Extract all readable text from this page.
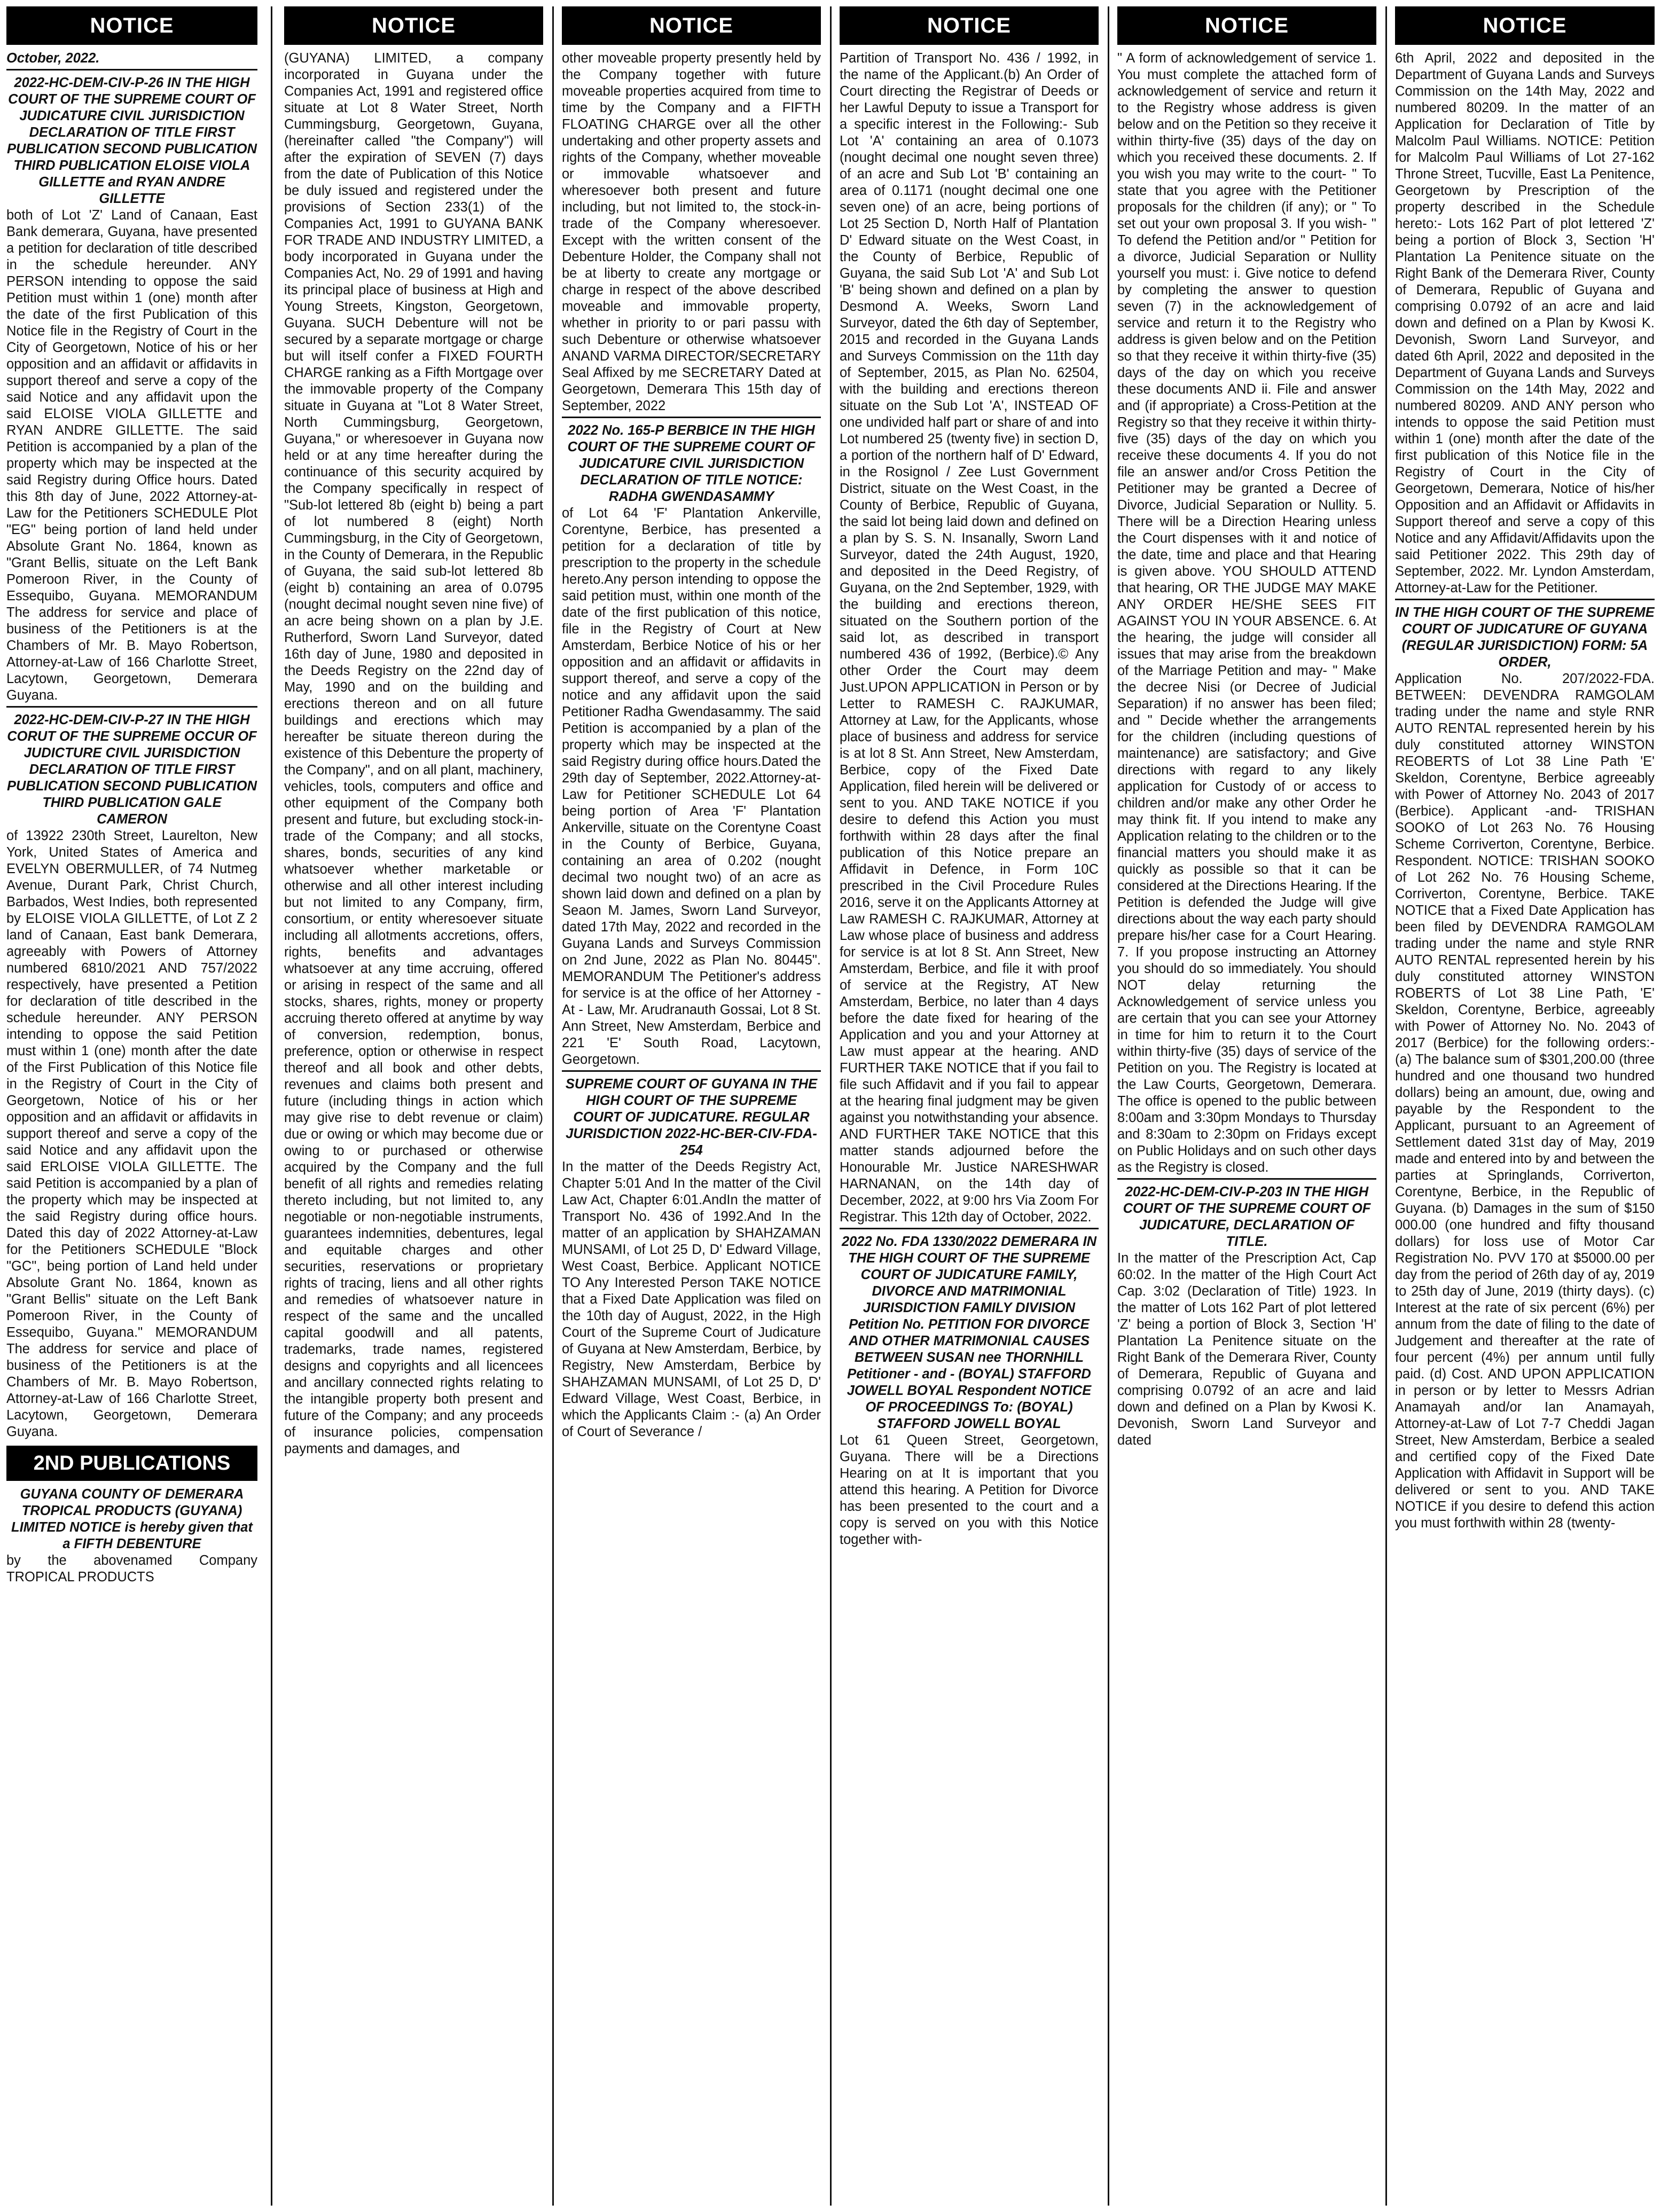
NOTICE

October, 2022.

2022-HC-DEM-CIV-P-26 IN THE HIGH COURT OF THE SUPREME COURT OF JUDICATURE CIVIL JURISDICTION DECLARATION OF TITLE FIRST PUBLICATION SECOND PUBLICATION THIRD PUBLICATION ELOISE VIOLA GILLETTE and RYAN ANDRE GILLETTE

both of Lot 'Z' Land of Canaan, East Bank demerara, Guyana, have presented a petition for declaration of title described in the schedule hereunder. ANY PERSON intending to oppose the said Petition must within 1 (one) month after the date of the first Publication of this Notice file in the Registry of Court in the City of Georgetown, Notice of his or her opposition and an affidavit or affidavits in support thereof and serve a copy of the said Notice and any affidavit upon the said ELOISE VIOLA GILLETTE and RYAN ANDRE GILLETTE. The said Petition is accompanied by a plan of the property which may be inspected at the said Registry during Office hours. Dated this 8th day of June, 2022 Attorney-at-Law for the Petitioners SCHEDULE Plot "EG" being portion of land held under Absolute Grant No. 1864, known as "Grant Bellis, situate on the Left Bank Pomeroon River, in the County of Essequibo, Guyana. MEMORANDUM The address for service and place of business of the Petitioners is at the Chambers of Mr. B. Mayo Robertson, Attorney-at-Law of 166 Charlotte Street, Lacytown, Georgetown, Demerara Guyana.

2022-HC-DEM-CIV-P-27 IN THE HIGH CORUT OF THE SUPREME OCCUR OF JUDICTURE CIVIL JURISDICTION DECLARATION OF TITLE FIRST PUBLICATION SECOND PUBLICATION THIRD PUBLICATION GALE CAMERON

of 13922 230th Street, Laurelton, New York, United States of America and EVELYN OBERMULLER, of 74 Nutmeg Avenue, Durant Park, Christ Church, Barbados, West Indies, both represented by ELOISE VIOLA GILLETTE, of Lot Z 2 land of Canaan, East bank Demerara, agreeably with Powers of Attorney numbered 6810/2021 AND 757/2022 respectively, have presented a Petition for declaration of title described in the schedule hereunder. ANY PERSON intending to oppose the said Petition must within 1 (one) month after the date of the First Publication of this Notice file in the Registry of Court in the City of Georgetown, Notice of his or her opposition and an affidavit or affidavits in support thereof and serve a copy of the said Notice and any affidavit upon the said ERLOISE VIOLA GILLETTE. The said Petition is accompanied by a plan of the property which may be inspected at the said Registry during office hours. Dated this day of 2022 Attorney-at-Law for the Petitioners SCHEDULE "Block "GC", being portion of Land held under Absolute Grant No. 1864, known as "Grant Bellis" situate on the Left Bank Pomeroon River, in the County of Essequibo, Guyana." MEMORANDUM The address for service and place of business of the Petitioners is at the Chambers of Mr. B. Mayo Robertson, Attorney-at-Law of 166 Charlotte Street, Lacytown, Georgetown, Demerara Guyana.

2ND PUBLICATIONS

GUYANA COUNTY OF DEMERARA TROPICAL PRODUCTS (GUYANA) LIMITED NOTICE is hereby given that a FIFTH DEBENTURE

by the abovenamed Company TROPICAL PRODUCTS

NOTICE

(GUYANA) LIMITED, a company incorporated in Guyana under the Companies Act, 1991 and registered office situate at Lot 8 Water Street, North Cummingsburg, Georgetown, Guyana, (hereinafter called "the Company") will after the expiration of SEVEN (7) days from the date of Publication of this Notice be duly issued and registered under the provisions of Section 233(1) of the Companies Act, 1991 to GUYANA BANK FOR TRADE AND INDUSTRY LIMITED, a body incorporated in Guyana under the Companies Act, No. 29 of 1991 and having its principal place of business at High and Young Streets, Kingston, Georgetown, Guyana. SUCH Debenture will not be secured by a separate mortgage or charge but will itself confer a FIXED FOURTH CHARGE ranking as a Fifth Mortgage over the immovable property of the Company situate in Guyana at "Lot 8 Water Street, North Cummingsburg, Georgetown, Guyana," or wheresoever in Guyana now held or at any time hereafter during the continuance of this security acquired by the Company specifically in respect of "Sub-lot lettered 8b (eight b) being a part of lot numbered 8 (eight) North Cummingsburg, in the City of Georgetown, in the County of Demerara, in the Republic of Guyana, the said sub-lot lettered 8b (eight b) containing an area of 0.0795 (nought decimal nought seven nine five) of an acre being shown on a plan by J.E. Rutherford, Sworn Land Surveyor, dated 16th day of June, 1980 and deposited in the Deeds Registry on the 22nd day of May, 1990 and on the building and erections thereon and on all future buildings and erections which may hereafter be situate thereon during the existence of this Debenture the property of the Company", and on all plant, machinery, vehicles, tools, computers and office and other equipment of the Company both present and future, but excluding stock-in-trade of the Company; and all stocks, shares, bonds, securities of any kind whatsoever whether marketable or otherwise and all other interest including but not limited to any Company, firm, consortium, or entity wheresoever situate including all allotments accretions, offers, rights, benefits and advantages whatsoever at any time accruing, offered or arising in respect of the same and all stocks, shares, rights, money or property accruing thereto offered at anytime by way of conversion, redemption, bonus, preference, option or otherwise in respect thereof and all book and other debts, revenues and claims both present and future (including things in action which may give rise to debt revenue or claim) due or owing or which may become due or owing to or purchased or otherwise acquired by the Company and the full benefit of all rights and remedies relating thereto including, but not limited to, any negotiable or non-negotiable instruments, guarantees indemnities, debentures, legal and equitable charges and other securities, reservations or proprietary rights of tracing, liens and all other rights and remedies of whatsoever nature in respect of the same and the uncalled capital goodwill and all patents, trademarks, trade names, registered designs and copyrights and all licencees and ancillary connected rights relating to the intangible property both present and future of the Company; and any proceeds of insurance policies, compensation payments and damages, and

NOTICE

other moveable property presently held by the Company together with future moveable properties acquired from time to time by the Company and a FIFTH FLOATING CHARGE over all the other undertaking and other property assets and rights of the Company, whether moveable or immovable whatsoever and wheresoever both present and future including, but not limited to, the stock-in-trade of the Company wheresoever. Except with the written consent of the Debenture Holder, the Company shall not be at liberty to create any mortgage or charge in respect of the above described moveable and immovable property, whether in priority to or pari passu with such Debenture or otherwise whatsoever ANAND VARMA DIRECTOR/SECRETARY Seal Affixed by me SECRETARY Dated at Georgetown, Demerara This 15th day of September, 2022

2022 No. 165-P BERBICE IN THE HIGH COURT OF THE SUPREME COURT OF JUDICATURE CIVIL JURISDICTION DECLARATION OF TITLE NOTICE: RADHA GWENDASAMMY

of Lot 64 'F' Plantation Ankerville, Corentyne, Berbice, has presented a petition for a declaration of title by prescription to the property in the schedule hereto.Any person intending to oppose the said petition must, within one month of the date of the first publication of this notice, file in the Registry of Court at New Amsterdam, Berbice Notice of his or her opposition and an affidavit or affidavits in support thereof, and serve a copy of the notice and any affidavit upon the said Petitioner Radha Gwendasammy. The said Petition is accompanied by a plan of the property which may be inspected at the said Registry during office hours.Dated the 29th day of September, 2022.Attorney-at-Law for Petitioner SCHEDULE Lot 64 being portion of Area 'F' Plantation Ankerville, situate on the Corentyne Coast in the County of Berbice, Guyana, containing an area of 0.202 (nought decimal two nought two) of an acre as shown laid down and defined on a plan by Seaon M. James, Sworn Land Surveyor, dated 17th May, 2022 and recorded in the Guyana Lands and Surveys Commission on 2nd June, 2022 as Plan No. 80445". MEMORANDUM The Petitioner's address for service is at the office of her Attorney - At - Law, Mr. Arudranauth Gossai, Lot 8 St. Ann Street, New Amsterdam, Berbice and 221 'E' South Road, Lacytown, Georgetown.

SUPREME COURT OF GUYANA IN THE HIGH COURT OF THE SUPREME COURT OF JUDICATURE. REGULAR JURISDICTION 2022-HC-BER-CIV-FDA- 254

In the matter of the Deeds Registry Act, Chapter 5:01 And In the matter of the Civil Law Act, Chapter 6:01.AndIn the matter of Transport No. 436 of 1992.And In the matter of an application by SHAHZAMAN MUNSAMI, of Lot 25 D, D' Edward Village, West Coast, Berbice. Applicant NOTICE TO Any Interested Person TAKE NOTICE that a Fixed Date Application was filed on the 10th day of August, 2022, in the High Court of the Supreme Court of Judicature of Guyana at New Amsterdam, Berbice, by Registry, New Amsterdam, Berbice by SHAHZAMAN MUNSAMI, of Lot 25 D, D' Edward Village, West Coast, Berbice, in which the Applicants Claim :- (a) An Order of Court of Severance /

NOTICE

Partition of Transport No. 436 / 1992, in the name of the Applicant.(b) An Order of Court directing the Registrar of Deeds or her Lawful Deputy to issue a Transport for a specific interest in the Following:- Sub Lot 'A' containing an area of 0.1073 (nought decimal one nought seven three) of an acre and Sub Lot 'B' containing an area of 0.1171 (nought decimal one one seven one) of an acre, being portions of Lot 25 Section D, North Half of Plantation D' Edward situate on the West Coast, in the County of Berbice, Republic of Guyana, the said Sub Lot 'A' and Sub Lot 'B' being shown and defined on a plan by Desmond A. Weeks, Sworn Land Surveyor, dated the 6th day of September, 2015 and recorded in the Guyana Lands and Surveys Commission on the 11th day of September, 2015, as Plan No. 62504, with the building and erections thereon situate on the Sub Lot 'A', INSTEAD OF one undivided half part or share of and into Lot numbered 25 (twenty five) in section D, a portion of the northern half of D' Edward, in the Rosignol / Zee Lust Government District, situate on the West Coast, in the County of Berbice, Republic of Guyana, the said lot being laid down and defined on a plan by S. S. N. Insanally, Sworn Land Surveyor, dated the 24th August, 1920, and deposited in the Deed Registry, of Guyana, on the 2nd September, 1929, with the building and erections thereon, situated on the Southern portion of the said lot, as described in transport numbered 436 of 1992, (Berbice).© Any other Order the Court may deem Just.UPON APPLICATION in Person or by Letter to RAMESH C. RAJKUMAR, Attorney at Law, for the Applicants, whose place of business and address for service is at lot 8 St. Ann Street, New Amsterdam, Berbice, copy of the Fixed Date Application, filed herein will be delivered or sent to you. AND TAKE NOTICE if you desire to defend this Action you must forthwith within 28 days after the final publication of this Notice prepare an Affidavit in Defence, in Form 10C prescribed in the Civil Procedure Rules 2016, serve it on the Applicants Attorney at Law RAMESH C. RAJKUMAR, Attorney at Law whose place of business and address for service is at lot 8 St. Ann Street, New Amsterdam, Berbice, and file it with proof of service at the Registry, AT New Amsterdam, Berbice, no later than 4 days before the date fixed for hearing of the Application and you and your Attorney at Law must appear at the hearing. AND FURTHER TAKE NOTICE that if you fail to file such Affidavit and if you fail to appear at the hearing final judgment may be given against you notwithstanding your absence. AND FURTHER TAKE NOTICE that this matter stands adjourned before the Honourable Mr. Justice NARESHWAR HARNANAN, on the 14th day of December, 2022, at 9:00 hrs Via Zoom For Registrar. This 12th day of October, 2022.

2022 No. FDA 1330/2022 DEMERARA IN THE HIGH COURT OF THE SUPREME COURT OF JUDICATURE FAMILY, DIVORCE AND MATRIMONIAL JURISDICTION FAMILY DIVISION Petition No. PETITION FOR DIVORCE AND OTHER MATRIMONIAL CAUSES BETWEEN SUSAN nee THORNHILL Petitioner - and - (BOYAL) STAFFORD JOWELL BOYAL Respondent NOTICE OF PROCEEDINGS To: (BOYAL) STAFFORD JOWELL BOYAL

Lot 61 Queen Street, Georgetown, Guyana. There will be a Directions Hearing on at It is important that you attend this hearing. A Petition for Divorce has been presented to the court and a copy is served on you with this Notice together with-

NOTICE

" A form of acknowledgement of service 1. You must complete the attached form of acknowledgement of service and return it to the Registry whose address is given below and on the Petition so they receive it within thirty-five (35) days of the day on which you received these documents. 2. If you wish you may write to the court- " To state that you agree with the Petitioner proposals for the children (if any); or " To set out your own proposal 3. If you wish- " To defend the Petition and/or " Petition for a divorce, Judicial Separation or Nullity yourself you must: i. Give notice to defend by completing the answer to question seven (7) in the acknowledgement of service and return it to the Registry who address is given below and on the Petition so that they receive it within thirty-five (35) days of the day on which you receive these documents AND ii. File and answer and (if appropriate) a Cross-Petition at the Registry so that they receive it within thirty-five (35) days of the day on which you receive these documents 4. If you do not file an answer and/or Cross Petition the Petitioner may be granted a Decree of Divorce, Judicial Separation or Nullity. 5. There will be a Direction Hearing unless the Court dispenses with it and notice of the date, time and place and that Hearing is given above. YOU SHOULD ATTEND that hearing, OR THE JUDGE MAY MAKE ANY ORDER HE/SHE SEES FIT AGAINST YOU IN YOUR ABSENCE. 6. At the hearing, the judge will consider all issues that may arise from the breakdown of the Marriage Petition and may- " Make the decree Nisi (or Decree of Judicial Separation) if no answer has been filed; and " Decide whether the arrangements for the children (including questions of maintenance) are satisfactory; and Give directions with regard to any likely application for Custody of or access to children and/or make any other Order he may think fit. If you intend to make any Application relating to the children or to the financial matters you should make it as quickly as possible so that it can be considered at the Directions Hearing. If the Petition is defended the Judge will give directions about the way each party should prepare his/her case for a Court Hearing. 7. If you propose instructing an Attorney you should do so immediately. You should NOT delay returning the Acknowledgement of service unless you are certain that you can see your Attorney in time for him to return it to the Court within thirty-five (35) days of service of the Petition on you. The Registry is located at the Law Courts, Georgetown, Demerara. The office is opened to the public between 8:00am and 3:30pm Mondays to Thursday and 8:30am to 2:30pm on Fridays except on Public Holidays and on such other days as the Registry is closed.

2022-HC-DEM-CIV-P-203 IN THE HIGH COURT OF THE SUPREME COURT OF JUDICATURE, DECLARATION OF TITLE.

In the matter of the Prescription Act, Cap 60:02. In the matter of the High Court Act Cap. 3:02 (Declaration of Title) 1923. In the matter of Lots 162 Part of plot lettered 'Z' being a portion of Block 3, Section 'H' Plantation La Penitence situate on the Right Bank of the Demerara River, County of Demerara, Republic of Guyana and comprising 0.0792 of an acre and laid down and defined on a Plan by Kwosi K. Devonish, Sworn Land Surveyor and dated

NOTICE

6th April, 2022 and deposited in the Department of Guyana Lands and Surveys Commission on the 14th May, 2022 and numbered 80209. In the matter of an Application for Declaration of Title by Malcolm Paul Williams. NOTICE: Petition for Malcolm Paul Williams of Lot 27-162 Throne Street, Tucville, East La Penitence, Georgetown by Prescription of the property described in the Schedule hereto:- Lots 162 Part of plot lettered 'Z' being a portion of Block 3, Section 'H' Plantation La Penitence situate on the Right Bank of the Demerara River, County of Demerara, Republic of Guyana and comprising 0.0792 of an acre and laid down and defined on a Plan by Kwosi K. Devonish, Sworn Land Surveyor, and dated 6th April, 2022 and deposited in the Department of Guyana Lands and Surveys Commission on the 14th May, 2022 and numbered 80209. AND ANY person who intends to oppose the said Petition must within 1 (one) month after the date of the first publication of this Notice file in the Registry of Court in the City of Georgetown, Demerara, Notice of his/her Opposition and an Affidavit or Affidavits in Support thereof and serve a copy of this Notice and any Affidavit/Affidavits upon the said Petitioner 2022. This 29th day of September, 2022. Mr. Lyndon Amsterdam, Attorney-at-Law for the Petitioner.

IN THE HIGH COURT OF THE SUPREME COURT OF JUDICATURE OF GUYANA (REGULAR JURISDICTION) FORM: 5A ORDER,

Application No. 207/2022-FDA. BETWEEN: DEVENDRA RAMGOLAM trading under the name and style RNR AUTO RENTAL represented herein by his duly constituted attorney WINSTON REOBERTS of Lot 38 Line Path 'E' Skeldon, Corentyne, Berbice agreeably with Power of Attorney No. 2043 of 2017 (Berbice). Applicant -and- TRISHAN SOOKO of Lot 263 No. 76 Housing Scheme Corriverton, Corentyne, Berbice. Respondent. NOTICE: TRISHAN SOOKO of Lot 262 No. 76 Housing Scheme, Corriverton, Corentyne, Berbice. TAKE NOTICE that a Fixed Date Application has been filed by DEVENDRA RAMGOLAM trading under the name and style RNR AUTO RENTAL represented herein by his duly constituted attorney WINSTON ROBERTS of Lot 38 Line Path, 'E' Skeldon, Corentyne, Berbice, agreeably with Power of Attorney No. No. 2043 of 2017 (Berbice) for the following orders:- (a) The balance sum of $301,200.00 (three hundred and one thousand two hundred dollars) being an amount, due, owing and payable by the Respondent to the Applicant, pursuant to an Agreement of Settlement dated 31st day of May, 2019 made and entered into by and between the parties at Springlands, Corriverton, Corentyne, Berbice, in the Republic of Guyana. (b) Damages in the sum of $150 000.00 (one hundred and fifty thousand dollars) for loss use of Motor Car Registration No. PVV 170 at $5000.00 per day from the period of 26th day of ay, 2019 to 25th day of June, 2019 (thirty days). (c) Interest at the rate of six percent (6%) per annum from the date of filing to the date of Judgement and thereafter at the rate of four percent (4%) per annum until fully paid. (d) Cost. AND UPON APPLICATION in person or by letter to Messrs Adrian Anamayah and/or Ian Anamayah, Attorney-at-Law of Lot 7-7 Cheddi Jagan Street, New Amsterdam, Berbice a sealed and certified copy of the Fixed Date Application with Affidavit in Support will be delivered or sent to you. AND TAKE NOTICE if you desire to defend this action you must forthwith within 28 (twenty-
